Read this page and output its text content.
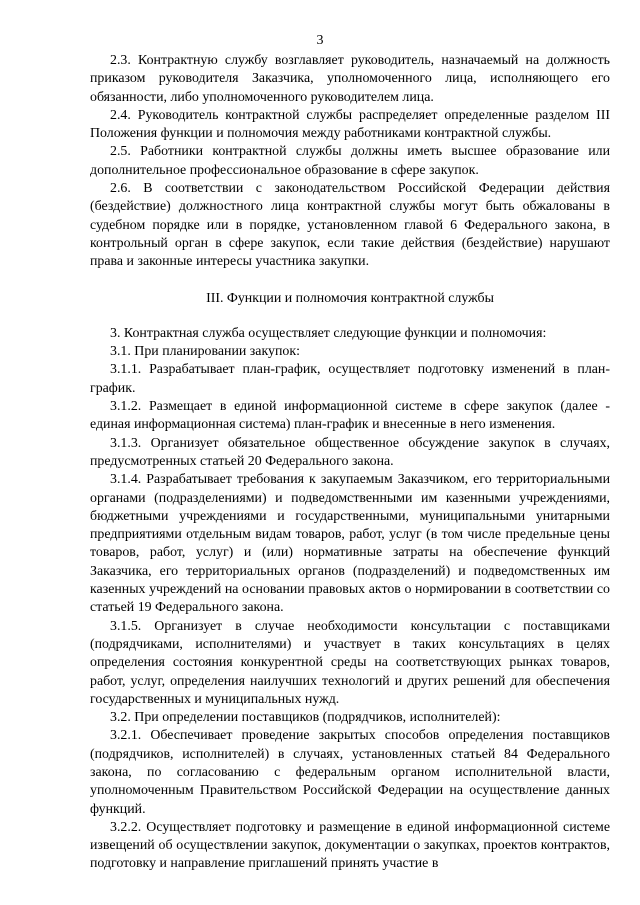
3

2.3. Контрактную службу возглавляет руководитель, назначаемый на должность приказом руководителя Заказчика, уполномоченного лица, исполняющего его обязанности, либо уполномоченного руководителем лица.

2.4. Руководитель контрактной службы распределяет определенные разделом III Положения функции и полномочия между работниками контрактной службы.

2.5. Работники контрактной службы должны иметь высшее образование или дополнительное профессиональное образование в сфере закупок.

2.6. В соответствии с законодательством Российской Федерации действия (бездействие) должностного лица контрактной службы могут быть обжалованы в судебном порядке или в порядке, установленном главой 6 Федерального закона, в контрольный орган в сфере закупок, если такие действия (бездействие) нарушают права и законные интересы участника закупки.

III. Функции и полномочия контрактной службы

3. Контрактная служба осуществляет следующие функции и полномочия:

3.1. При планировании закупок:

3.1.1. Разрабатывает план-график, осуществляет подготовку изменений в план-график.

3.1.2. Размещает в единой информационной системе в сфере закупок (далее - единая информационная система) план-график и внесенные в него изменения.

3.1.3. Организует обязательное общественное обсуждение закупок в случаях, предусмотренных статьей 20 Федерального закона.

3.1.4. Разрабатывает требования к закупаемым Заказчиком, его территориальными органами (подразделениями) и подведомственными им казенными учреждениями, бюджетными учреждениями и государственными, муниципальными унитарными предприятиями отдельным видам товаров, работ, услуг (в том числе предельные цены товаров, работ, услуг) и (или) нормативные затраты на обеспечение функций Заказчика, его территориальных органов (подразделений) и подведомственных им казенных учреждений на основании правовых актов о нормировании в соответствии со статьей 19 Федерального закона.

3.1.5. Организует в случае необходимости консультации с поставщиками (подрядчиками, исполнителями) и участвует в таких консультациях в целях определения состояния конкурентной среды на соответствующих рынках товаров, работ, услуг, определения наилучших технологий и других решений для обеспечения государственных и муниципальных нужд.

3.2. При определении поставщиков (подрядчиков, исполнителей):

3.2.1. Обеспечивает проведение закрытых способов определения поставщиков (подрядчиков, исполнителей) в случаях, установленных статьей 84 Федерального закона, по согласованию с федеральным органом исполнительной власти, уполномоченным Правительством Российской Федерации на осуществление данных функций.

3.2.2. Осуществляет подготовку и размещение в единой информационной системе извещений об осуществлении закупок, документации о закупках, проектов контрактов, подготовку и направление приглашений принять участие в
